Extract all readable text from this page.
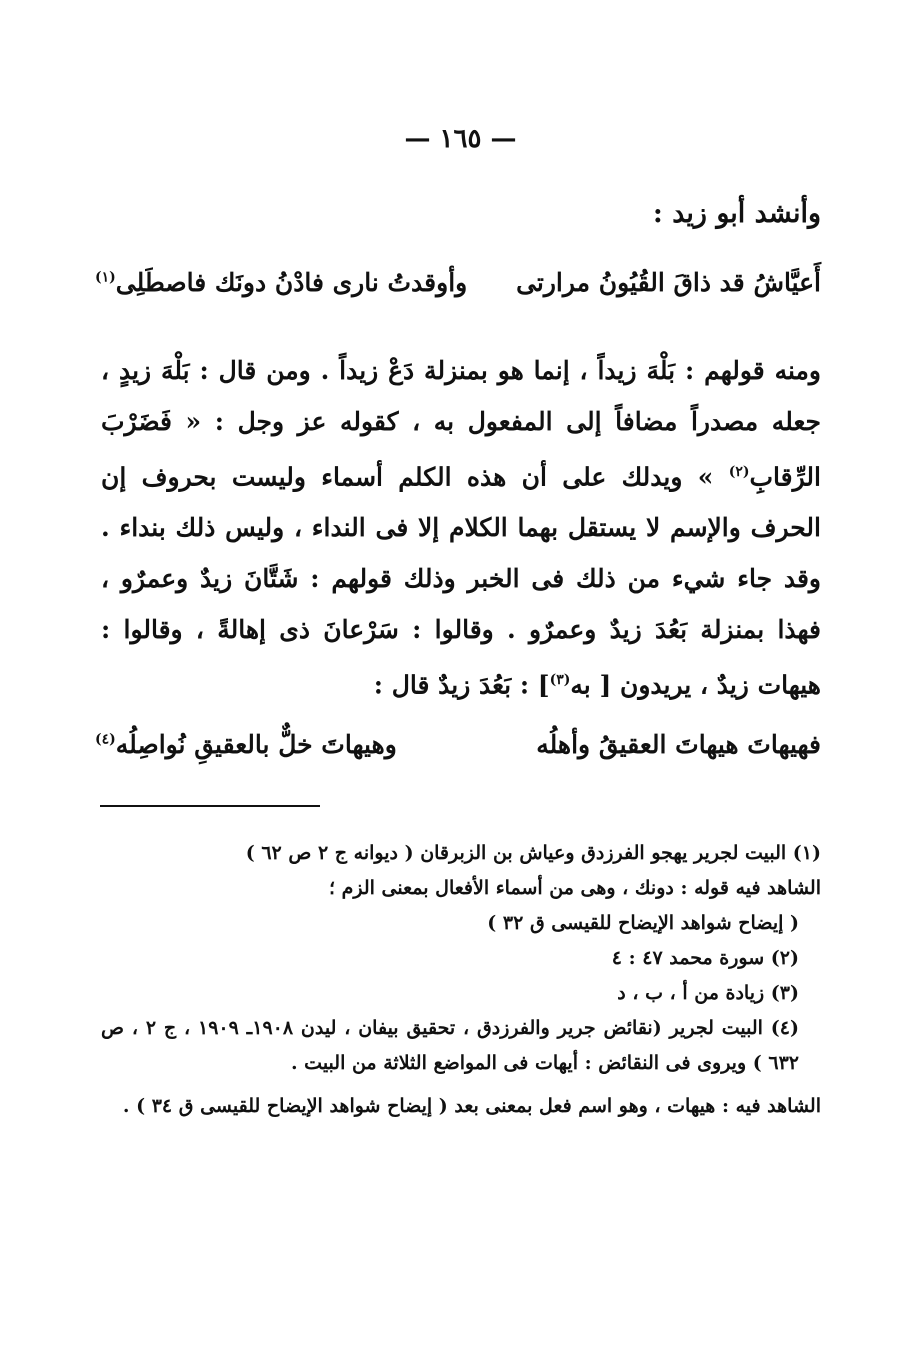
— ١٦٥ —
وأنشد أبو زيد :
أَعيَّاشُ قد ذاقَ القُيُونُ مرارتى
وأوقدتُ نارى فادْنُ دونَك فاصطَلِى$^{(١)}$

ومنه قولهم : بَلْهَ زيداً ، إنما هو بمنزلة دَعْ زيداً . ومن قال : بَلْهَ زيدٍ ، جعله مصدراً مضافاً إلى المفعول به ، كقوله عز وجل : « فَضَرْبَ الرِّقابِ$^{(٢)}$ » ويدلك على أن هذه الكلم أسماء وليست بحروف إن الحرف والإسم لا يستقل بهما الكلام إلا فى النداء ، وليس ذلك بنداء . وقد جاء شيء من ذلك فى الخبر وذلك قولهم : شَتَّانَ زيدٌ وعمرٌو ، فهذا بمنزلة بَعُدَ زيدٌ وعمرٌو . وقالوا : سَرْعانَ ذى إهالةً ، وقالوا : هيهات زيدٌ ، يريدون [ به$^{(٣)}$] : بَعُدَ زيدٌ قال :

فهيهاتَ هيهاتَ العقيقُ وأهلُه
وهيهاتَ خلٌّ بالعقيقِ نُواصِلُه$^{(٤)}$

(١) البيت لجرير يهجو الفرزدق وعياش بن الزبرقان ( ديوانه ج ٢ ص ٦٢ )

الشاهد فيه قوله : دونك ، وهى من أسماء الأفعال بمعنى الزم ؛

( إيضاح شواهد الإيضاح للقيسى ق ٣٢ )

(٢) سورة محمد ٤٧ : ٤

(٣) زيادة من أ ، ب ، د

(٤) البيت لجرير (نقائض جرير والفرزدق ، تحقيق بيفان ، ليدن ١٩٠٨ـ ١٩٠٩ ، ج ٢ ، ص ٦٣٢ ) ويروى فى النقائض : أيهات فى المواضع الثلاثة من البيت .

الشاهد فيه : هيهات ، وهو اسم فعل بمعنى بعد ( إيضاح شواهد الإيضاح للقيسى ق ٣٤ ) .
